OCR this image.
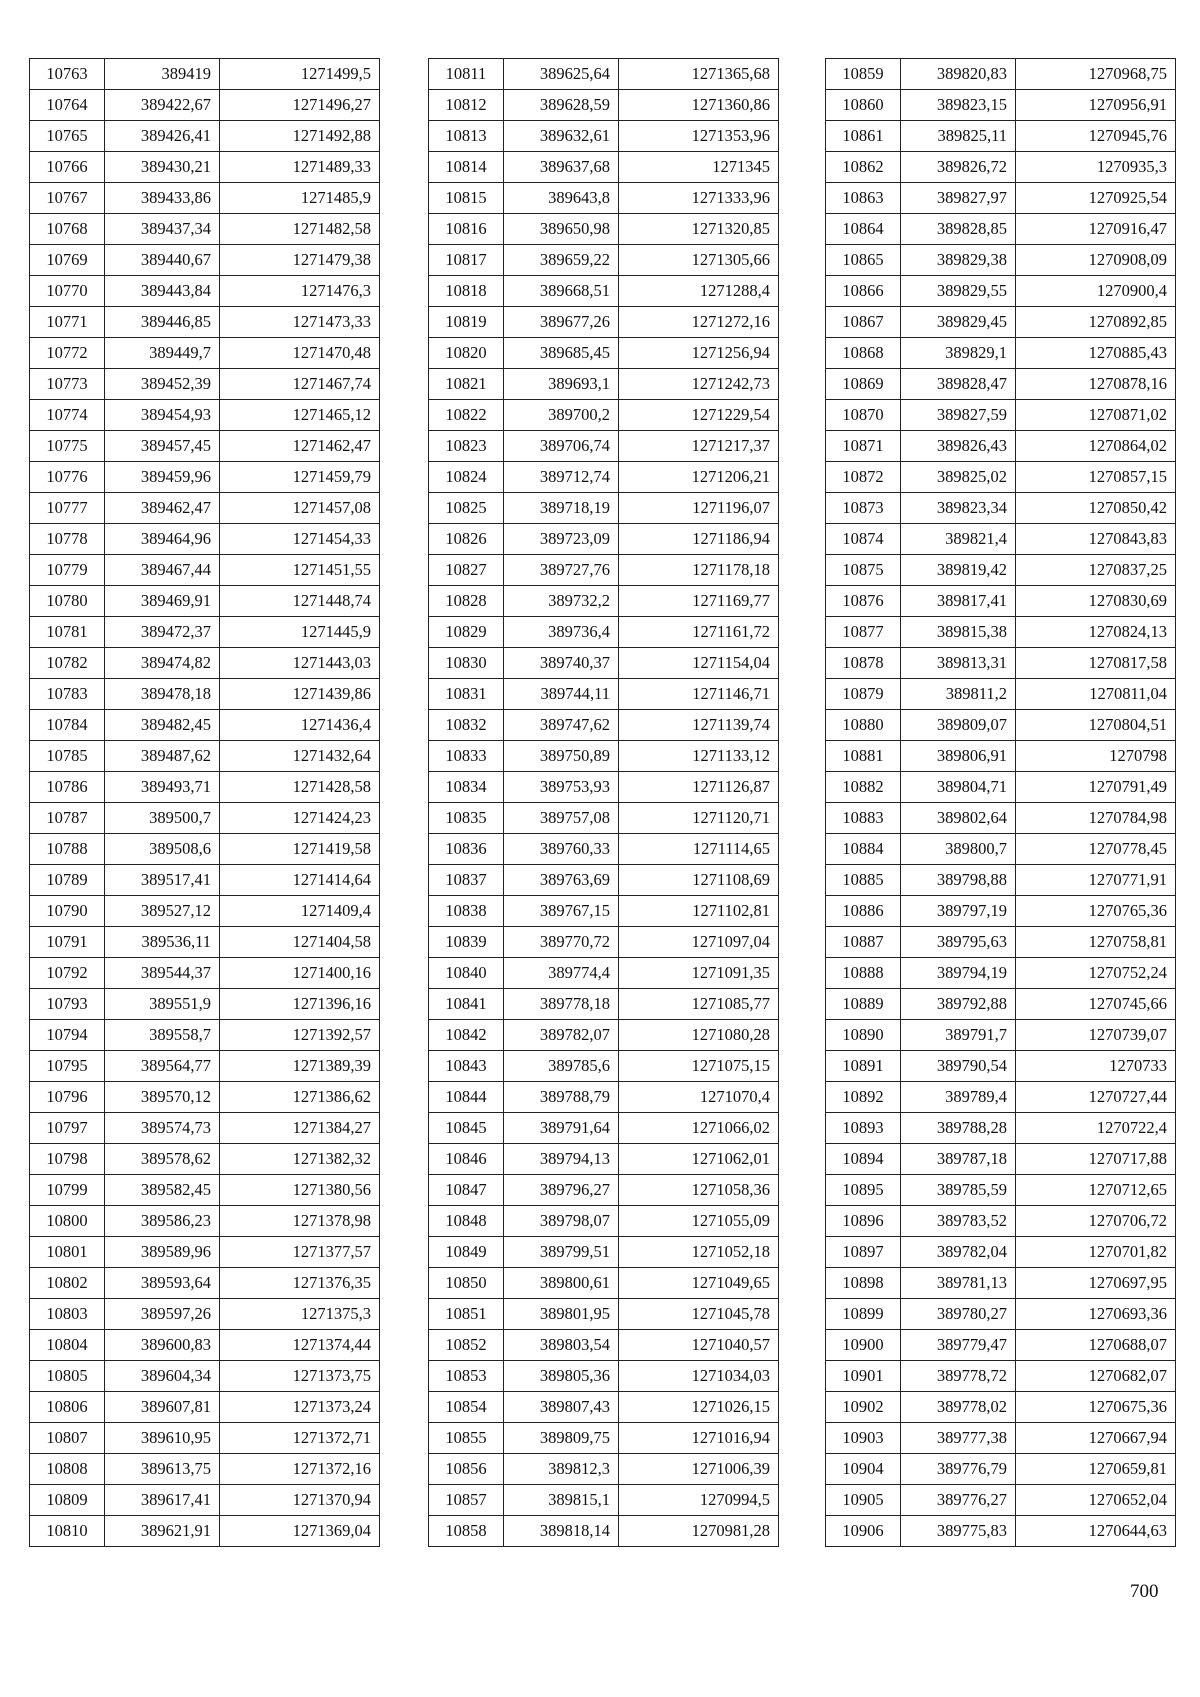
10763	389419	1271499,5
10764	389422,67	1271496,27
10765	389426,41	1271492,88
10766	389430,21	1271489,33
10767	389433,86	1271485,9
10768	389437,34	1271482,58
10769	389440,67	1271479,38
10770	389443,84	1271476,3
10771	389446,85	1271473,33
10772	389449,7	1271470,48
10773	389452,39	1271467,74
10774	389454,93	1271465,12
10775	389457,45	1271462,47
10776	389459,96	1271459,79
10777	389462,47	1271457,08
10778	389464,96	1271454,33
10779	389467,44	1271451,55
10780	389469,91	1271448,74
10781	389472,37	1271445,9
10782	389474,82	1271443,03
10783	389478,18	1271439,86
10784	389482,45	1271436,4
10785	389487,62	1271432,64
10786	389493,71	1271428,58
10787	389500,7	1271424,23
10788	389508,6	1271419,58
10789	389517,41	1271414,64
10790	389527,12	1271409,4
10791	389536,11	1271404,58
10792	389544,37	1271400,16
10793	389551,9	1271396,16
10794	389558,7	1271392,57
10795	389564,77	1271389,39
10796	389570,12	1271386,62
10797	389574,73	1271384,27
10798	389578,62	1271382,32
10799	389582,45	1271380,56
10800	389586,23	1271378,98
10801	389589,96	1271377,57
10802	389593,64	1271376,35
10803	389597,26	1271375,3
10804	389600,83	1271374,44
10805	389604,34	1271373,75
10806	389607,81	1271373,24
10807	389610,95	1271372,71
10808	389613,75	1271372,16
10809	389617,41	1271370,94
10810	389621,91	1271369,04
10811	389625,64	1271365,68
10812	389628,59	1271360,86
10813	389632,61	1271353,96
10814	389637,68	1271345
10815	389643,8	1271333,96
10816	389650,98	1271320,85
10817	389659,22	1271305,66
10818	389668,51	1271288,4
10819	389677,26	1271272,16
10820	389685,45	1271256,94
10821	389693,1	1271242,73
10822	389700,2	1271229,54
10823	389706,74	1271217,37
10824	389712,74	1271206,21
10825	389718,19	1271196,07
10826	389723,09	1271186,94
10827	389727,76	1271178,18
10828	389732,2	1271169,77
10829	389736,4	1271161,72
10830	389740,37	1271154,04
10831	389744,11	1271146,71
10832	389747,62	1271139,74
10833	389750,89	1271133,12
10834	389753,93	1271126,87
10835	389757,08	1271120,71
10836	389760,33	1271114,65
10837	389763,69	1271108,69
10838	389767,15	1271102,81
10839	389770,72	1271097,04
10840	389774,4	1271091,35
10841	389778,18	1271085,77
10842	389782,07	1271080,28
10843	389785,6	1271075,15
10844	389788,79	1271070,4
10845	389791,64	1271066,02
10846	389794,13	1271062,01
10847	389796,27	1271058,36
10848	389798,07	1271055,09
10849	389799,51	1271052,18
10850	389800,61	1271049,65
10851	389801,95	1271045,78
10852	389803,54	1271040,57
10853	389805,36	1271034,03
10854	389807,43	1271026,15
10855	389809,75	1271016,94
10856	389812,3	1271006,39
10857	389815,1	1270994,5
10858	389818,14	1270981,28
10859	389820,83	1270968,75
10860	389823,15	1270956,91
10861	389825,11	1270945,76
10862	389826,72	1270935,3
10863	389827,97	1270925,54
10864	389828,85	1270916,47
10865	389829,38	1270908,09
10866	389829,55	1270900,4
10867	389829,45	1270892,85
10868	389829,1	1270885,43
10869	389828,47	1270878,16
10870	389827,59	1270871,02
10871	389826,43	1270864,02
10872	389825,02	1270857,15
10873	389823,34	1270850,42
10874	389821,4	1270843,83
10875	389819,42	1270837,25
10876	389817,41	1270830,69
10877	389815,38	1270824,13
10878	389813,31	1270817,58
10879	389811,2	1270811,04
10880	389809,07	1270804,51
10881	389806,91	1270798
10882	389804,71	1270791,49
10883	389802,64	1270784,98
10884	389800,7	1270778,45
10885	389798,88	1270771,91
10886	389797,19	1270765,36
10887	389795,63	1270758,81
10888	389794,19	1270752,24
10889	389792,88	1270745,66
10890	389791,7	1270739,07
10891	389790,54	1270733
10892	389789,4	1270727,44
10893	389788,28	1270722,4
10894	389787,18	1270717,88
10895	389785,59	1270712,65
10896	389783,52	1270706,72
10897	389782,04	1270701,82
10898	389781,13	1270697,95
10899	389780,27	1270693,36
10900	389779,47	1270688,07
10901	389778,72	1270682,07
10902	389778,02	1270675,36
10903	389777,38	1270667,94
10904	389776,79	1270659,81
10905	389776,27	1270652,04
10906	389775,83	1270644,63
700
